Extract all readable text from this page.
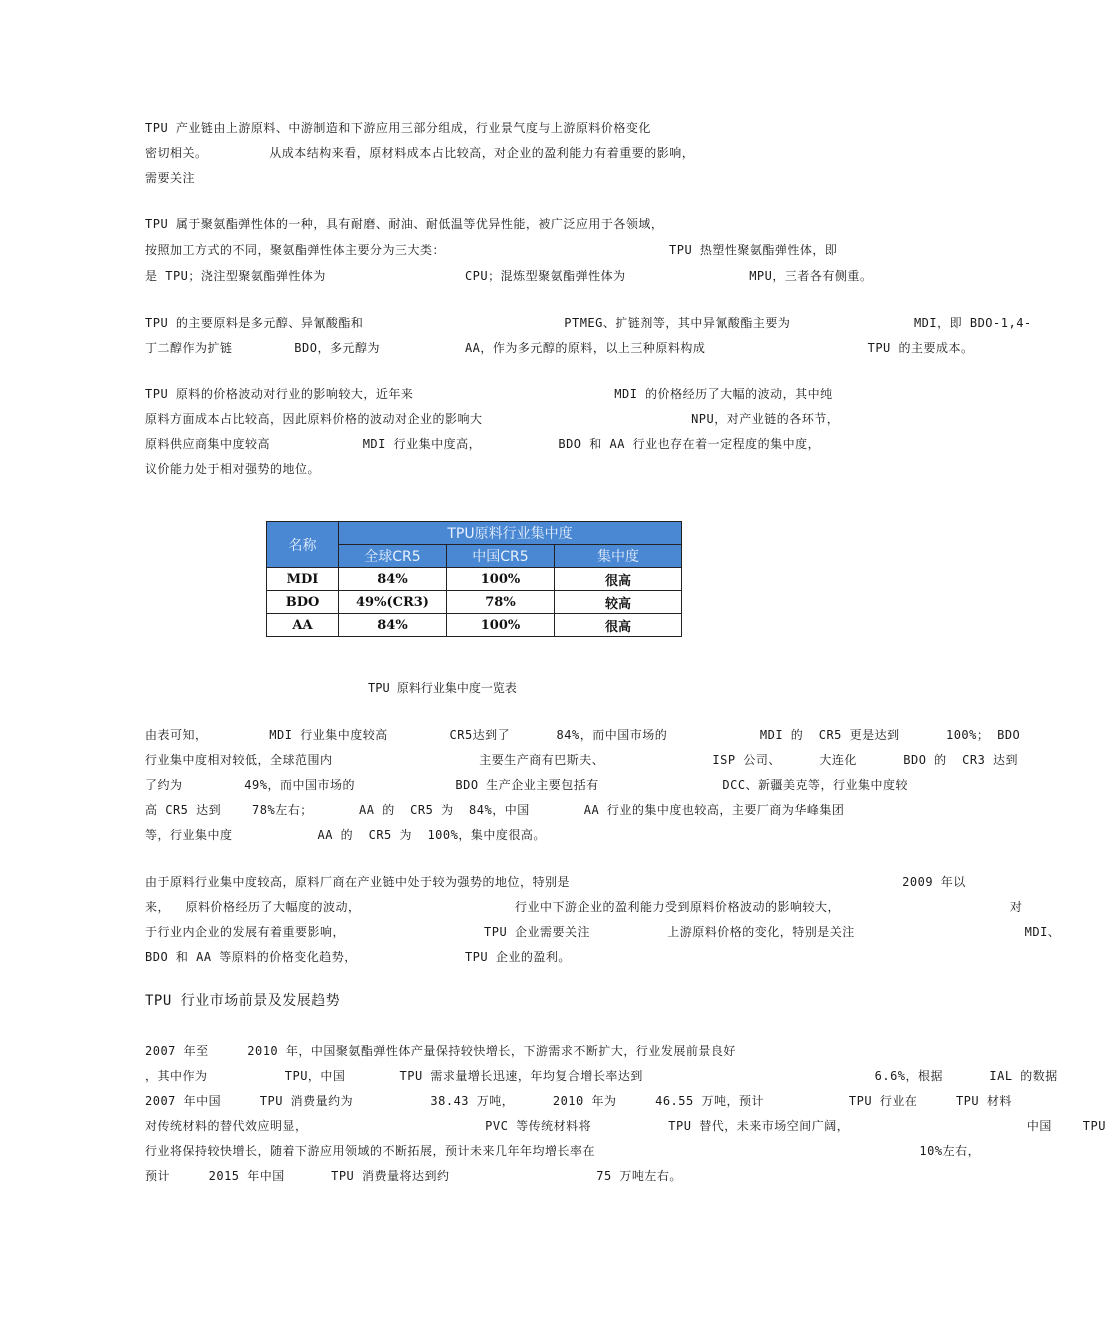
TPU 产业链由上游原料、中游制造和下游应用三部分组成，行业景气度与上游原料价格变化
密切相关。        从成本结构来看，原材料成本占比较高，对企业的盈利能力有着重要的影响，
需要关注
TPU 属于聚氨酯弹性体的一种，具有耐磨、耐油、耐低温等优异性能，被广泛应用于各领域，
按照加工方式的不同，聚氨酯弹性体主要分为三大类：                             TPU 热塑性聚氨酯弹性体，即
是 TPU；浇注型聚氨酯弹性体为                  CPU；混炼型聚氨酯弹性体为                MPU，三者各有侧重。
TPU 的主要原料是多元醇、异氰酸酯和                          PTMEG、扩链剂等，其中异氰酸酯主要为                MDI，即 BDO-1,4-
丁二醇作为扩链        BDO，多元醇为           AA，作为多元醇的原料，以上三种原料构成                     TPU 的主要成本。
TPU 原料的价格波动对行业的影响较大，近年来                          MDI 的价格经历了大幅的波动，其中纯
原料方面成本占比较高，因此原料价格的波动对企业的影响大                           NPU，对产业链的各环节，
原料供应商集中度较高            MDI 行业集中度高，          BDO 和 AA 行业也存在着一定程度的集中度，
议价能力处于相对强势的地位。
名称	TPU原料行业集中度		
	全球CR5	中国CR5	集中度
MDI	84%	100%	很高
BDO	49%(CR3)	78%	较高
AA	84%	100%	很高
TPU 原料行业集中度一览表
由表可知，        MDI 行业集中度较高        CR5达到了      84%，而中国市场的            MDI 的  CR5 更是达到      100%； BDO
行业集中度相对较低，全球范围内                   主要生产商有巴斯夫、              ISP 公司、     大连化      BDO 的  CR3 达到
了约为        49%，而中国市场的             BDO 生产企业主要包括有                DCC、新疆美克等，行业集中度较
高 CR5 达到    78%左右；      AA 的  CR5 为  84%，中国       AA 行业的集中度也较高，主要厂商为华峰集团
等，行业集中度           AA 的  CR5 为  100%，集中度很高。
由于原料行业集中度较高，原料厂商在产业链中处于较为强势的地位，特别是                                           2009 年以
来，  原料价格经历了大幅度的波动，                    行业中下游企业的盈利能力受到原料价格波动的影响较大，                      对
于行业内企业的发展有着重要影响，                  TPU 企业需要关注          上游原料价格的变化，特别是关注                      MDI、
BDO 和 AA 等原料的价格变化趋势，              TPU 企业的盈利。
TPU 行业市场前景及发展趋势
2007 年至     2010 年，中国聚氨酯弹性体产量保持较快增长，下游需求不断扩大，行业发展前景良好
，其中作为          TPU，中国       TPU 需求量增长迅速，年均复合增长率达到                              6.6%，根据      IAL 的数据
2007 年中国     TPU 消费量约为          38.43 万吨，     2010 年为     46.55 万吨，预计           TPU 行业在     TPU 材料
对传统材料的替代效应明显，                       PVC 等传统材料将          TPU 替代，未来市场空间广阔，                       中国    TPU
行业将保持较快增长，随着下游应用领域的不断拓展，预计未来几年年均增长率在                                          10%左右，
预计     2015 年中国      TPU 消费量将达到约                   75 万吨左右。
